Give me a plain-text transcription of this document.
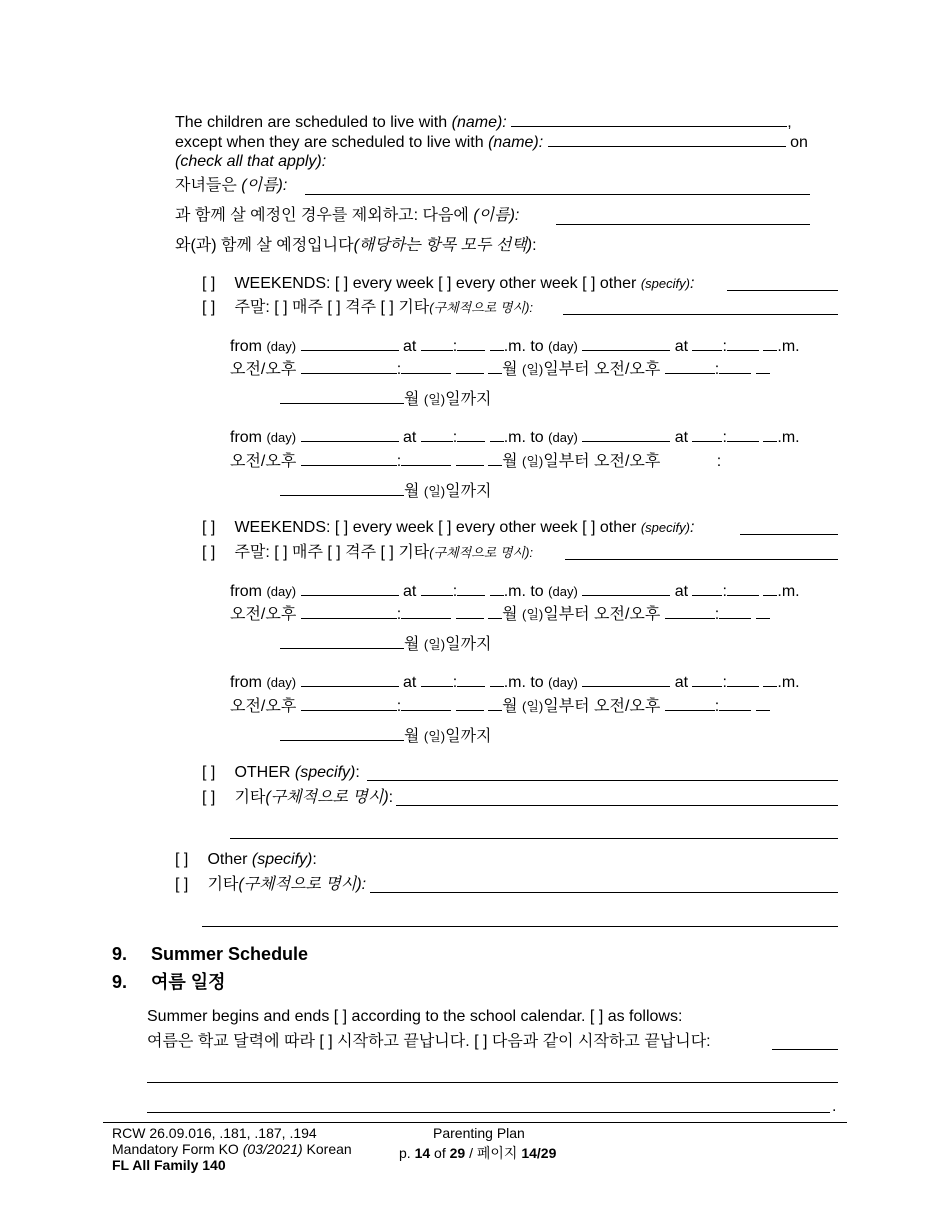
The children are scheduled to live with (name):	,
except when they are scheduled to live with (name):	on
(check all that apply):
자녀들은 (이름):
과 함께 살 예정인 경우를 제외하고: 다음에 (이름):
와(과) 함께 살 예정입니다(해당하는 항목 모두 선택):
[ ] WEEKENDS: [ ] every week [ ] every other week [ ] other (specify):
[ ] 주말: [ ] 매주 [ ] 격주 [ ] 기타(구체적으로 명시):
from (day)	at :	.m. to (day)	at :	.m.
오전/오후	:	월 (일)일부터 오전/오후	:
월 (일)일까지
from (day)	at :	.m. to (day)	at :	.m.
오전/오후	:	월 (일)일부터 오전/오후	:
월 (일)일까지
[ ] WEEKENDS: [ ] every week [ ] every other week [ ] other (specify):
[ ] 주말: [ ] 매주 [ ] 격주 [ ] 기타(구체적으로 명시):
from (day)	at :	.m. to (day)	at :	.m.
오전/오후	:	월 (일)일부터 오전/오후	:
월 (일)일까지
from (day)	at :	.m. to (day)	at :	.m.
오전/오후	:	월 (일)일부터 오전/오후	:
월 (일)일까지
[ ] OTHER (specify):
[ ] 기타(구체적으로 명시):
[ ] Other (specify):
[ ] 기타(구체적으로 명시):
9. Summer Schedule
9. 여름 일정
Summer begins and ends [ ] according to the school calendar. [ ] as follows:
여름은 학교 달력에 따라 [ ] 시작하고 끝납니다. [ ] 다음과 같이 시작하고 끝납니다:
.
RCW 26.09.016, .181, .187, .194
Mandatory Form KO (03/2021) Korean
FL All Family 140
Parenting Plan
p. 14 of 29 / 페이지 14/29
